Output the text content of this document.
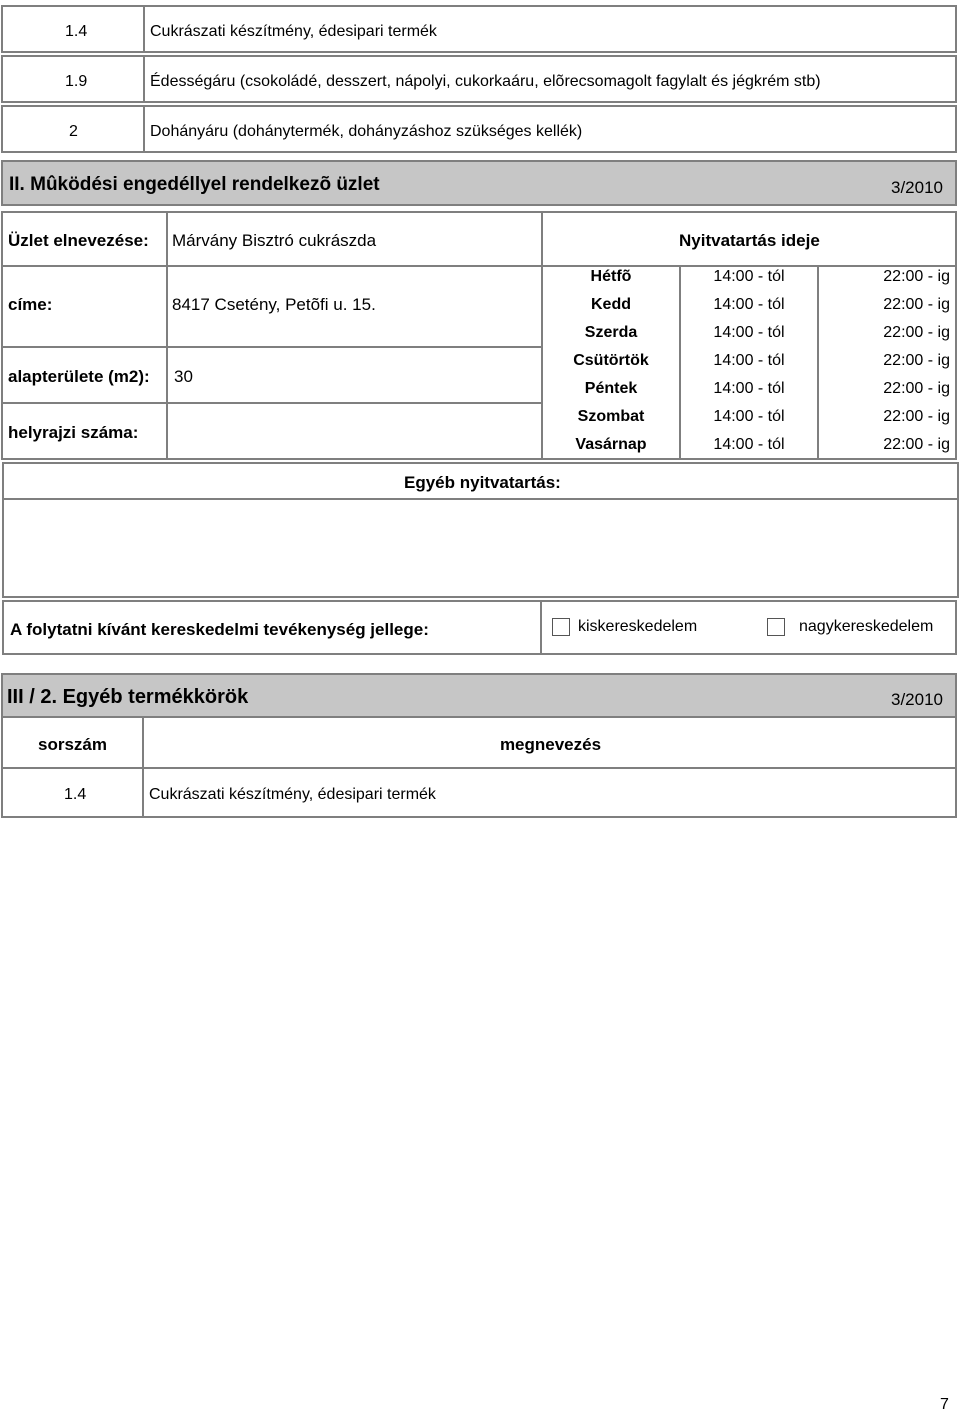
1.4	Cukrászati készítmény, édesipari termék
1.9	Édességáru (csokoládé, desszert, nápolyi, cukorkaáru, elõrecsomagolt fagylalt és jégkrém stb)
2	Dohányáru (dohánytermék, dohányzáshoz szükséges kellék)
II. Mûködési engedéllyel rendelkezõ üzlet	3/2010
Üzlet elnevezése: Márvány Bisztró cukrászda	Nyitvatartás ideje
címe:	8417 Csetény, Petõfi u. 15.
alapterülete (m2): 30
helyrajzi száma:
Hétfõ	14:00 - tól	22:00 - ig
Kedd	14:00 - tól	22:00 - ig
Szerda	14:00 - tól	22:00 - ig
Csütörtök	14:00 - tól	22:00 - ig
Péntek	14:00 - tól	22:00 - ig
Szombat	14:00 - tól	22:00 - ig
Vasárnap	14:00 - tól	22:00 - ig
Egyéb nyitvatartás:
A folytatni kívánt kereskedelmi tevékenység jellege:	kiskereskedelem	nagykereskedelem
III / 2. Egyéb termékkörök	3/2010
sorszám	megnevezés
1.4	Cukrászati készítmény, édesipari termék
7
